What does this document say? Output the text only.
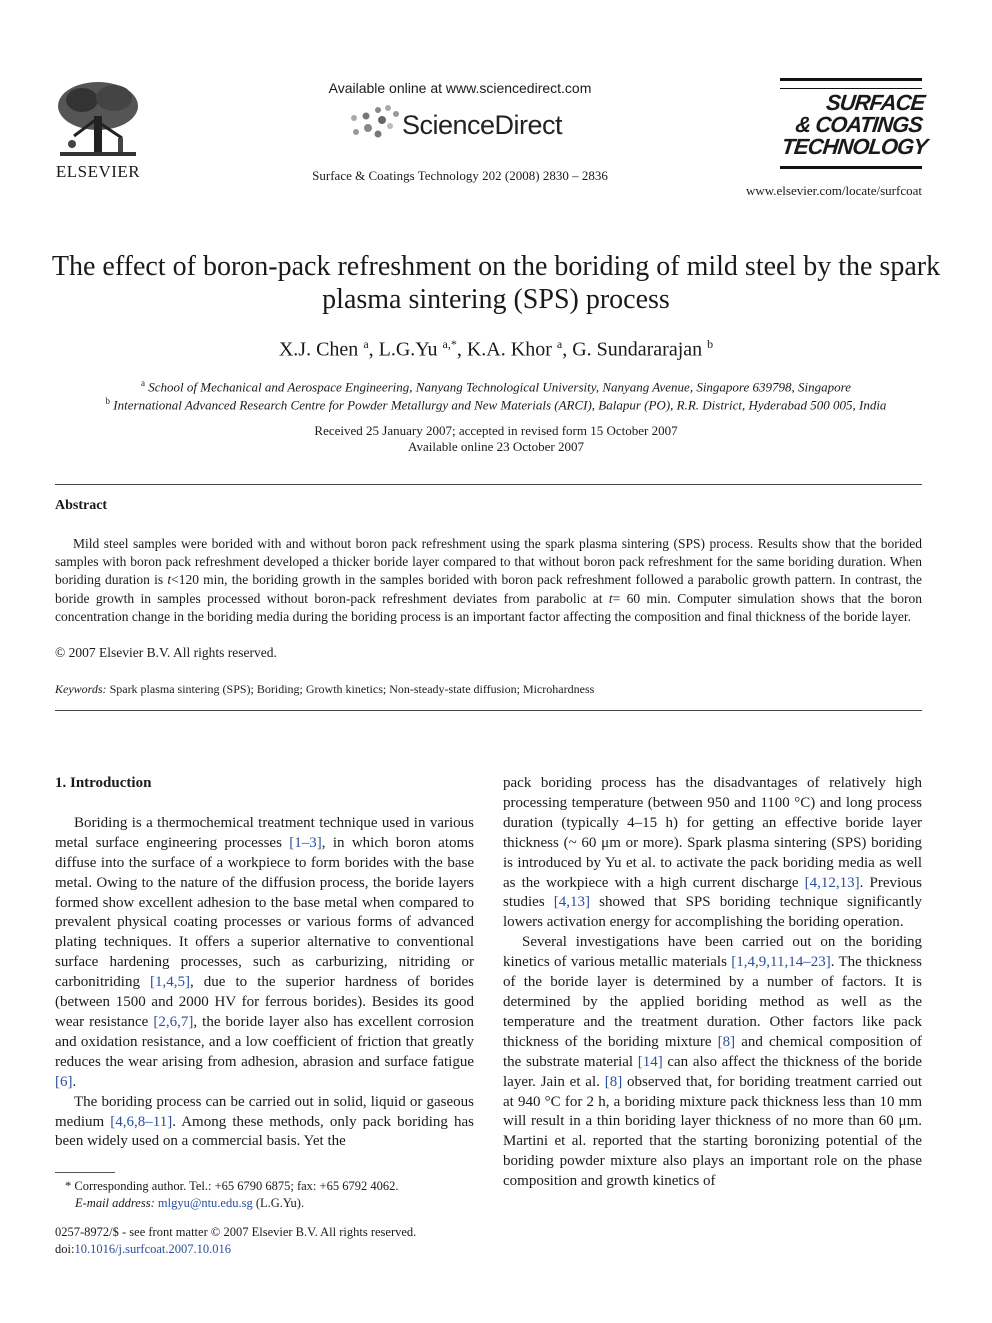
ELSEVIER
Available online at www.sciencedirect.com
ScienceDirect
Surface & Coatings Technology 202 (2008) 2830 – 2836
SURFACE
& COATINGS
TECHNOLOGY
www.elsevier.com/locate/surfcoat
The effect of boron-pack refreshment on the boriding of mild steel by the spark plasma sintering (SPS) process
X.J. Chen $^a$, L.G.Yu $^{a,*}$, K.A. Khor $^a$, G. Sundararajan $^b$
$^a$ School of Mechanical and Aerospace Engineering, Nanyang Technological University, Nanyang Avenue, Singapore 639798, Singapore
$^b$ International Advanced Research Centre for Powder Metallurgy and New Materials (ARCI), Balapur (PO), R.R. District, Hyderabad 500 005, India
Received 25 January 2007; accepted in revised form 15 October 2007
Available online 23 October 2007
Abstract
Mild steel samples were borided with and without boron pack refreshment using the spark plasma sintering (SPS) process. Results show that the borided samples with boron pack refreshment developed a thicker boride layer compared to that without boron pack refreshment for the same boriding duration. When boriding duration is t<120 min, the boriding growth in the samples borided with boron pack refreshment followed a parabolic growth pattern. In contrast, the boride growth in samples processed without boron-pack refreshment deviates from parabolic at t= 60 min. Computer simulation shows that the boron concentration change in the boriding media during the boriding process is an important factor affecting the composition and final thickness of the boride layer.
© 2007 Elsevier B.V. All rights reserved.
Keywords: Spark plasma sintering (SPS); Boriding; Growth kinetics; Non-steady-state diffusion; Microhardness

1. Introduction

Boriding is a thermochemical treatment technique used in various metal surface engineering processes [1–3], in which boron atoms diffuse into the surface of a workpiece to form borides with the base metal. Owing to the nature of the diffusion process, the boride layers formed show excellent adhesion to the base metal when compared to prevalent physical coating processes or various forms of advanced plating techniques. It offers a superior alternative to conventional surface hardening processes, such as carburizing, nitriding or carbonitriding [1,4,5], due to the superior hardness of borides (between 1500 and 2000 HV for ferrous borides). Besides its good wear resistance [2,6,7], the boride layer also has excellent corrosion and oxidation resistance, and a low coefficient of friction that greatly reduces the wear arising from adhesion, abrasion and surface fatigue [6].

The boriding process can be carried out in solid, liquid or gaseous medium [4,6,8–11]. Among these methods, only pack boriding has been widely used on a commercial basis. Yet the

pack boriding process has the disadvantages of relatively high processing temperature (between 950 and 1100 °C) and long process duration (typically 4–15 h) for getting an effective boride layer thickness (~ 60 μm or more). Spark plasma sintering (SPS) boriding is introduced by Yu et al. to activate the pack boriding media as well as the workpiece with a high current discharge [4,12,13]. Previous studies [4,13] showed that SPS boriding technique significantly lowers activation energy for accomplishing the boriding operation.

Several investigations have been carried out on the boriding kinetics of various metallic materials [1,4,9,11,14–23]. The thickness of the boride layer is determined by a number of factors. It is determined by the applied boriding method as well as the temperature and the treatment duration. Other factors like pack thickness of the boriding mixture [8] and chemical composition of the substrate material [14] can also affect the thickness of the boride layer. Jain et al. [8] observed that, for boriding treatment carried out at 940 °C for 2 h, a boriding mixture pack thickness less than 10 mm will result in a thin boriding layer thickness of no more than 60 μm. Martini et al. reported that the starting boronizing potential of the boriding powder mixture also plays an important role on the phase composition and growth kinetics of

* Corresponding author. Tel.: +65 6790 6875; fax: +65 6792 4062.
E-mail address: mlgyu@ntu.edu.sg (L.G.Yu).
0257-8972/$ - see front matter © 2007 Elsevier B.V. All rights reserved.
doi:10.1016/j.surfcoat.2007.10.016
